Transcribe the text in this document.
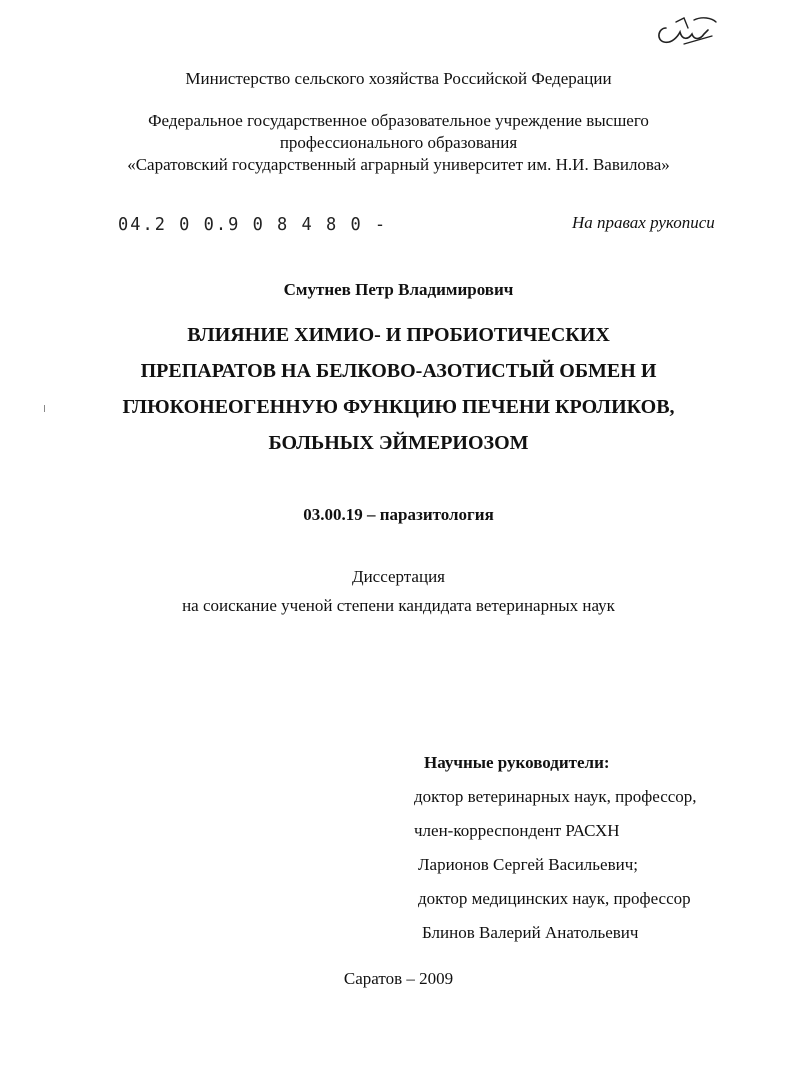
Министерство сельского хозяйства Российской Федерации
Федеральное государственное образовательное учреждение высшего
профессионального образования
«Саратовский государственный аграрный университет им. Н.И. Вавилова»
04.2 0 0.9 0 8 4 8 0 -	На правах рукописи
Смутнев Петр Владимирович
ВЛИЯНИЕ ХИМИО- И ПРОБИОТИЧЕСКИХ
ПРЕПАРАТОВ НА БЕЛКОВО-АЗОТИСТЫЙ ОБМЕН И
ГЛЮКОНЕОГЕННУЮ ФУНКЦИЮ ПЕЧЕНИ КРОЛИКОВ,
БОЛЬНЫХ ЭЙМЕРИОЗОМ
03.00.19 – паразитология
Диссертация
на соискание ученой степени кандидата ветеринарных наук
Научные руководители:
доктор ветеринарных наук, профессор,
член-корреспондент РАСХН
Ларионов Сергей Васильевич;
доктор медицинских наук, профессор
Блинов Валерий Анатольевич
Саратов – 2009
